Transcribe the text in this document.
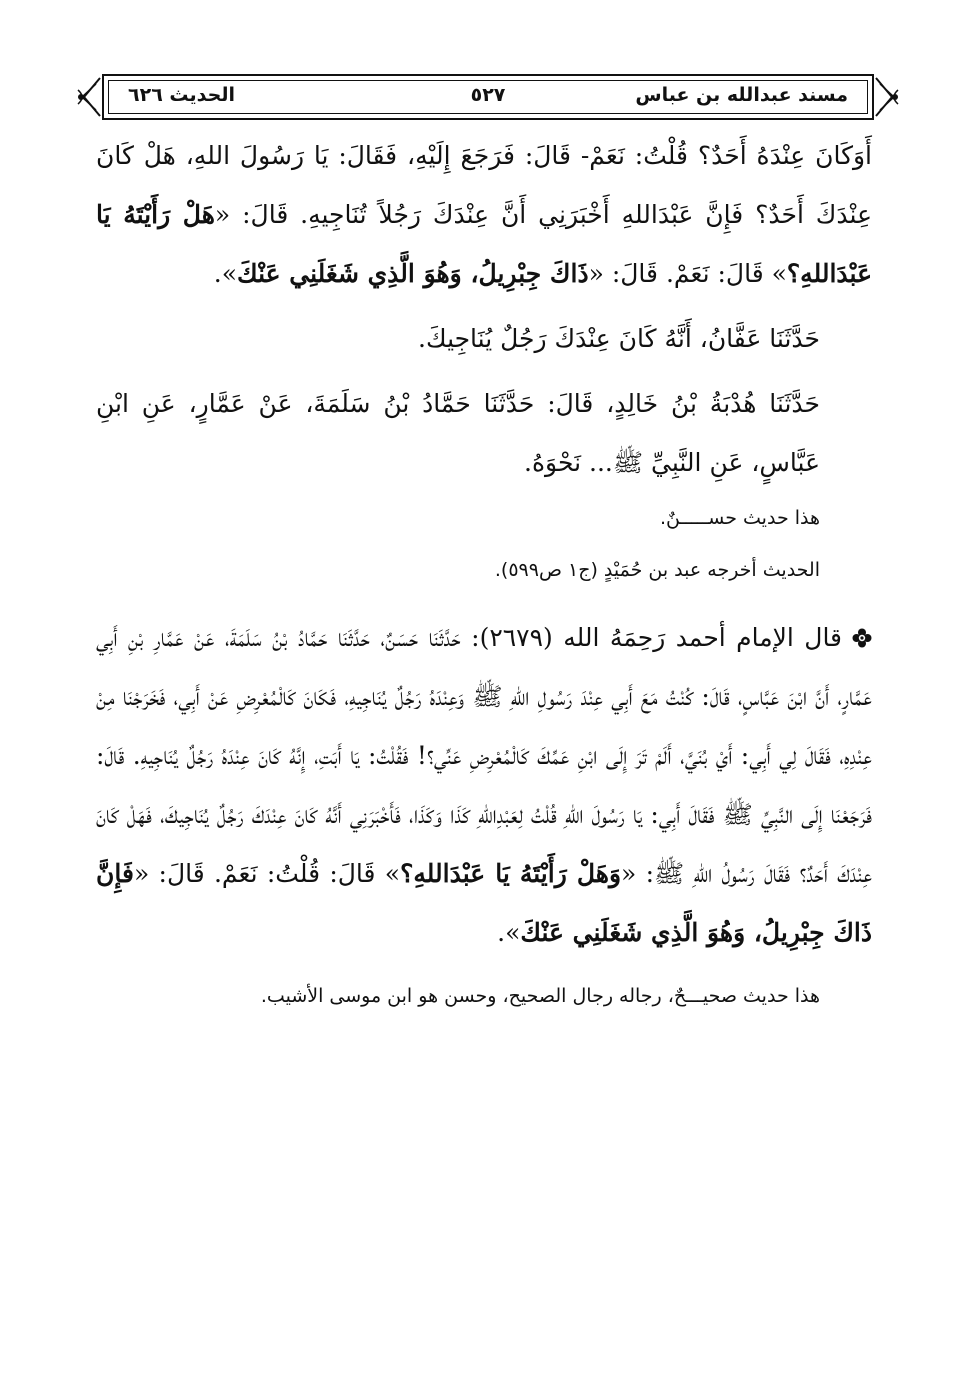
مسند عبدالله بن عباس
٥٢٧
الحديث ٦٢٦

أَوَكَانَ عِنْدَهُ أَحَدٌ؟ قُلْتُ: نَعَمْ- قَالَ: فَرَجَعَ إِلَيْهِ، فَقَالَ: يَا رَسُولَ اللهِ، هَلْ كَانَ عِنْدَكَ أَحَدٌ؟ فَإِنَّ عَبْدَاللهِ أَخْبَرَنِي أَنَّ عِنْدَكَ رَجُلاً تُنَاجِيهِ. قَالَ: «هَلْ رَأَيْتَهُ يَا عَبْدَاللهِ؟» قَالَ: نَعَمْ. قَالَ: «ذَاكَ جِبْرِيلُ، وَهُوَ الَّذِي شَغَلَنِي عَنْكَ».

حَدَّثَنَا عَفَّانُ، أَنَّهُ كَانَ عِنْدَكَ رَجُلٌ يُنَاجِيكَ.

حَدَّثَنَا هُدْبَةُ بْنُ خَالِدٍ، قَالَ: حَدَّثَنَا حَمَّادُ بْنُ سَلَمَةَ، عَنْ عَمَّارٍ، عَنِ ابْنِ عَبَّاسٍ، عَنِ النَّبِيِّ ﷺ... نَحْوَهُ.

هذا حديث حســـــنٌ.

الحديث أخرجه عبد بن حُمَيْدٍ (ج١ ص٥٩٩).

قال الإمام أحمد رَحِمَهُ الله (٢٦٧٩): حَدَّثَنَا حَسَنٌ، حَدَّثَنَا حَمَّادُ بْنُ سَلَمَةَ، عَنْ عَمَّارِ بْنِ أَبِي عَمَّارٍ، أَنَّ ابْنَ عَبَّاسٍ، قَالَ: كُنْتُ مَعَ أَبِي عِنْدَ رَسُولِ اللهِ ﷺ وَعِنْدَهُ رَجُلٌ يُنَاجِيهِ، فَكَانَ كَالْمُعْرِضِ عَنْ أَبِي، فَخَرَجْنَا مِنْ عِنْدِهِ، فَقَالَ لِي أَبِي: أَيْ بُنَيَّ، أَلَمْ تَرَ إِلَى ابْنِ عَمِّكَ كَالْمُعْرِضِ عَنِّي؟! فَقُلْتُ: يَا أَبَتِ، إِنَّهُ كَانَ عِنْدَهُ رَجُلٌ يُنَاجِيهِ. قَالَ: فَرَجَعْنَا إِلَى النَّبِيِّ ﷺ فَقَالَ أَبِي: يَا رَسُولَ اللهِ قُلْتُ لِعَبْدِاللهِ كَذَا وَكَذَا، فَأَخْبَرَنِي أَنَّهُ كَانَ عِنْدَكَ رَجُلٌ يُنَاجِيكَ، فَهَلْ كَانَ عِنْدَكَ أَحَدٌ؟ فَقَالَ رَسُولُ اللهِ ﷺ: «وَهَلْ رَأَيْتَهُ يَا عَبْدَاللهِ؟» قَالَ: قُلْتُ: نَعَمْ. قَالَ: «فَإِنَّ ذَاكَ جِبْرِيلُ، وَهُوَ الَّذِي شَغَلَنِي عَنْكَ».

هذا حديث صحيـــحٌ، رجاله رجال الصحيح، وحسن هو ابن موسى الأشيب.
